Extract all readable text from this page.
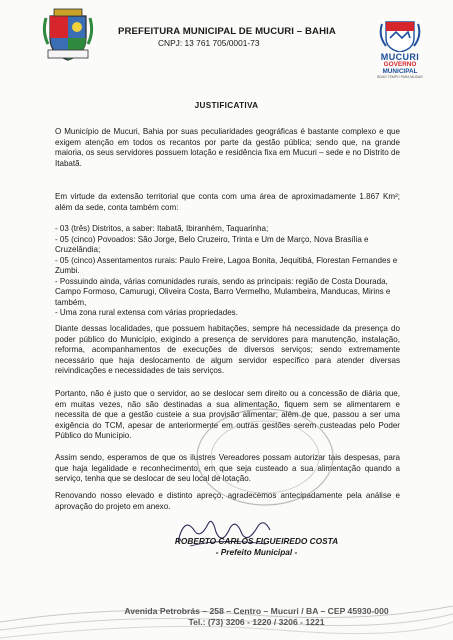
PREFEITURA MUNICIPAL DE MUCURI – BAHIA
CNPJ: 13 761 705/0001-73
MUCURI
GOVERNO
MUNICIPAL
BOAS TEMPO PARA MUDAR
JUSTIFICATIVA

O Município de Mucuri, Bahia por suas peculiaridades geográficas é bastante complexo e que exigem atenção em todos os recantos por parte da gestão pública; sendo que, na grande maioria, os seus servidores possuem lotação e residência fixa em Mucuri – sede e no Distrito de Itabatã.

Em virtude da extensão territorial que conta com uma área de aproximadamente 1.867 Km²; além da sede, conta também com:

- 03 (três) Distritos, a saber: Itabatã, Ibiranhém, Taquarinha;
- 05 (cinco) Povoados: São Jorge, Belo Cruzeiro, Trinta e Um de Março, Nova Brasília e Cruzelândia;
- 05 (cinco) Assentamentos rurais: Paulo Freire, Lagoa Bonita, Jequitibá, Florestan Fernandes e Zumbi.
- Possuindo ainda, várias comunidades rurais, sendo as principais: região de Costa Dourada, Campo Formoso, Camurugi, Oliveira Costa, Barro Vermelho, Mulambeira, Manducas, Mirins e também,
- Uma zona rural extensa com várias propriedades.

Diante dessas localidades, que possuem habitações, sempre há necessidade da presença do poder público do Município, exigindo a presença de servidores para manutenção, instalação, reforma, acompanhamentos de execuções de diversos serviços; sendo extremamente necessário que haja deslocamento de algum servidor específico para atender diversas reivindicações e necessidades de tais serviços.

Portanto, não é justo que o servidor, ao se deslocar sem direito ou a concessão de diária que, em muitas vezes, não são destinadas a sua alimentação, fiquem sem se alimentarem e necessita de que a gestão custeie a sua provisão alimentar; além de que, passou a ser uma exigência do TCM, apesar de anteriormente em outras gestões serem custeadas pelo Poder Público do Município.

Assim sendo, esperamos de que os ilustres Vereadores possam autorizar tais despesas, para que haja legalidade e reconhecimento, em que seja custeado a sua alimentação quando a serviço, tenha que se deslocar de seu local de lotação.

Renovando nosso elevado e distinto apreço, agradecemos antecipadamente pela análise e aprovação do projeto em anexo.

ROBERTO CARLOS FIGUEIREDO COSTA
- Prefeito Municipal -
Avenida Petrobrás – 258 – Centro – Mucuri / BA – CEP 45930-000
Tel.: (73) 3206 - 1220 / 3206 - 1221
